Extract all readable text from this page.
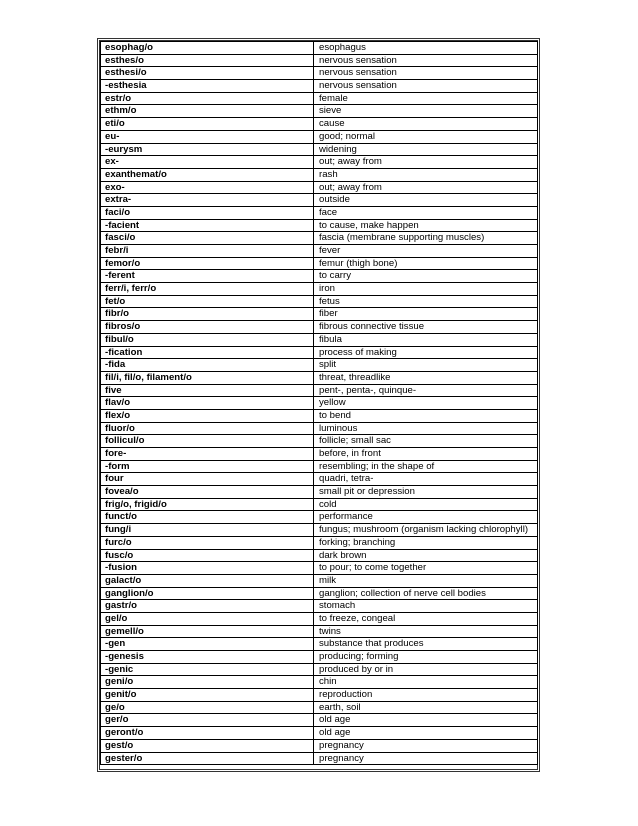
esophag/o	esophagus
esthes/o	nervous sensation
esthesi/o	nervous sensation
-esthesia	nervous sensation
estr/o	female
ethm/o	sieve
eti/o	cause
eu-	good; normal
-eurysm	widening
ex-	out; away from
exanthemat/o	rash
exo-	out; away from
extra-	outside
faci/o	face
-facient	to cause, make happen
fasci/o	fascia (membrane supporting muscles)
febr/i	fever
femor/o	femur (thigh bone)
-ferent	to carry
ferr/i, ferr/o	iron
fet/o	fetus
fibr/o	fiber
fibros/o	fibrous connective tissue
fibul/o	fibula
-fication	process of making
-fida	split
fil/i, fil/o, filament/o	threat, threadlike
five	pent-, penta-, quinque-
flav/o	yellow
flex/o	to bend
fluor/o	luminous
follicul/o	follicle; small sac
fore-	before, in front
-form	resembling; in the shape of
four	quadri, tetra-
fovea/o	small pit or depression
frig/o, frigid/o	cold
funct/o	performance
fung/i	fungus; mushroom (organism lacking chlorophyll)
furc/o	forking; branching
fusc/o	dark brown
-fusion	to pour; to come together
galact/o	milk
ganglion/o	ganglion; collection of nerve cell bodies
gastr/o	stomach
gel/o	to freeze, congeal
gemell/o	twins
-gen	substance that produces
-genesis	producing; forming
-genic	produced by or in
geni/o	chin
genit/o	reproduction
ge/o	earth, soil
ger/o	old age
geront/o	old age
gest/o	pregnancy
gester/o	pregnancy
